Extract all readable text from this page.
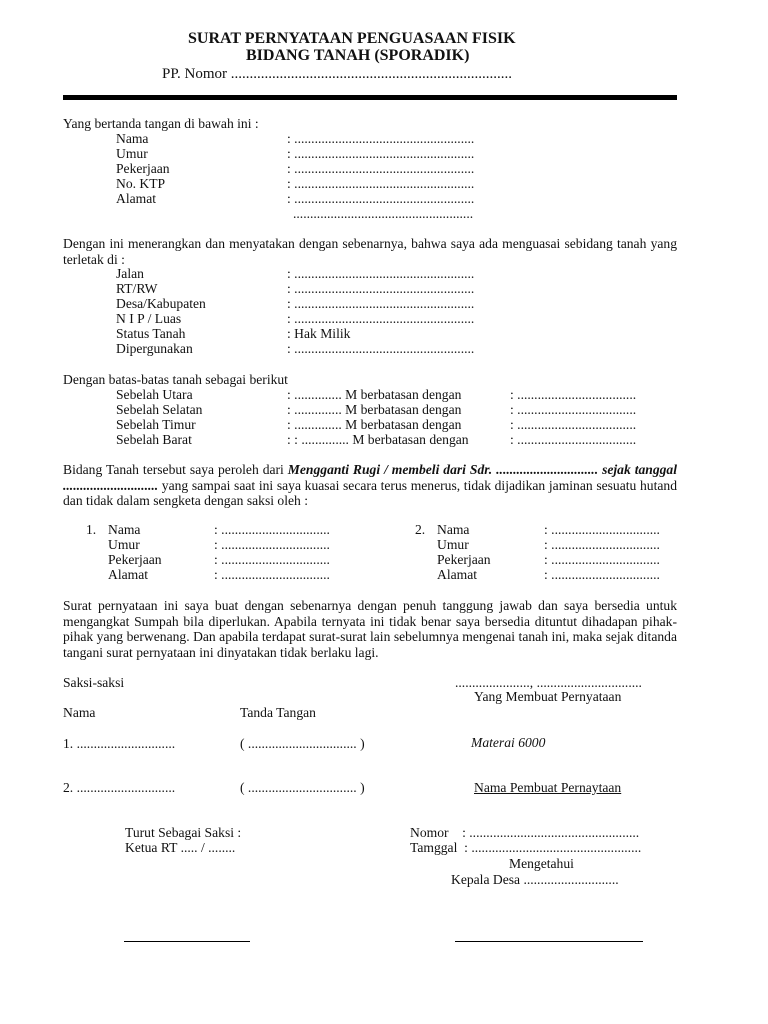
SURAT PERNYATAAN PENGUASAAN FISIK
BIDANG TANAH (SPORADIK)
PP. Nomor ...........................................................................
Yang bertanda tangan di bawah ini :
Nama	: .....................................................
Umur	: .....................................................
Pekerjaan	: .....................................................
No. KTP	: .....................................................
Alamat	: .....................................................
.....................................................
Dengan ini menerangkan dan menyatakan dengan sebenarnya, bahwa saya ada menguasai sebidang tanah yang terletak di :
Jalan	: .....................................................
RT/RW	: .....................................................
Desa/Kabupaten	: .....................................................
N I P / Luas	: .....................................................
Status Tanah	: Hak Milik
Dipergunakan	: .....................................................
Dengan batas-batas tanah sebagai berikut
Sebelah Utara	: .............. M berbatasan dengan	: ...................................
Sebelah Selatan	: .............. M berbatasan dengan	: ...................................
Sebelah Timur	: .............. M berbatasan dengan	: ...................................
Sebelah Barat	: : .............. M berbatasan dengan	: ...................................
Bidang Tanah tersebut saya peroleh dari Mengganti Rugi / membeli dari Sdr. .............................. sejak tanggal ............................ yang sampai saat ini saya kuasai secara terus menerus, tidak dijadikan jaminan sesuatu hutand dan tidak dalam sengketa dengan saksi oleh :
1. Nama	: ................................
Umur	: ................................
Pekerjaan	: ................................
Alamat	: ................................
2. Nama	: ................................
Umur	: ................................
Pekerjaan	: ................................
Alamat	: ................................
Surat pernyataan ini saya buat dengan sebenarnya dengan penuh tanggung jawab dan saya bersedia untuk mengangkat Sumpah bila diperlukan. Apabila ternyata ini tidak benar saya bersedia dituntut dihadapan pihak-pihak yang berwenang. Dan apabila terdapat surat-surat lain sebelumnya mengenai tanah ini, maka sejak ditanda tangani surat pernyataan ini dinyatakan tidak berlaku lagi.
Saksi-saksi	......................, ...............................
Yang Membuat Pernyataan
Nama	Tanda Tangan
1. .............................	( ................................ )	Materai 6000
2. .............................	( ................................ )	Nama Pembuat Pernaytaan
Turut Sebagai Saksi :
Ketua RT ..... / ........
Nomor    : ..................................................
Tamggal  : ..................................................
Mengetahui
Kepala Desa ............................
